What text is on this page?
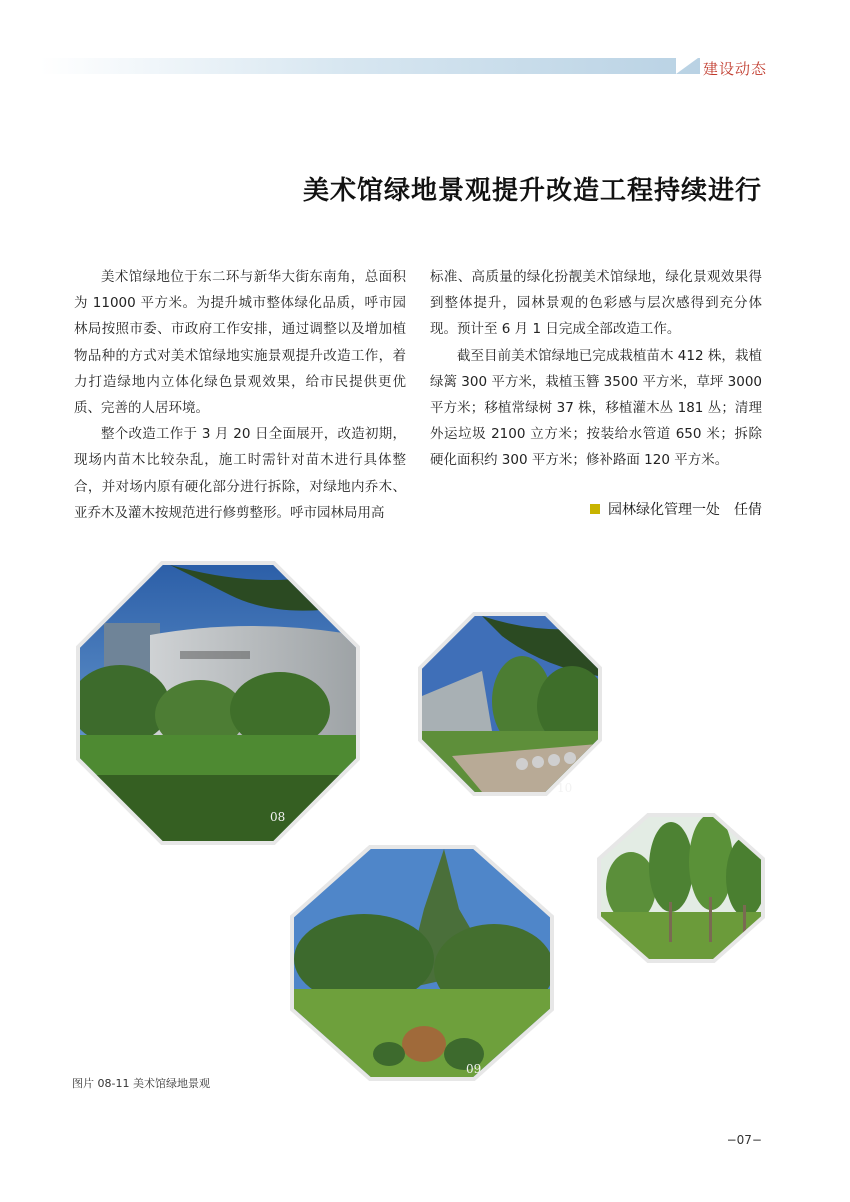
建设动态
美术馆绿地景观提升改造工程持续进行

美术馆绿地位于东二环与新华大街东南角，总面积为 11000 平方米。为提升城市整体绿化品质，呼市园林局按照市委、市政府工作安排，通过调整以及增加植物品种的方式对美术馆绿地实施景观提升改造工作，着力打造绿地内立体化绿色景观效果，给市民提供更优质、完善的人居环境。

整个改造工作于 3 月 20 日全面展开，改造初期，现场内苗木比较杂乱，施工时需针对苗木进行具体整合，并对场内原有硬化部分进行拆除，对绿地内乔木、亚乔木及灌木按规范进行修剪整形。呼市园林局用高

标准、高质量的绿化扮靓美术馆绿地，绿化景观效果得到整体提升，园林景观的色彩感与层次感得到充分体现。预计至 6 月 1 日完成全部改造工作。

截至目前美术馆绿地已完成栽植苗木 412 株，栽植绿篱 300 平方米，栽植玉簪 3500 平方米，草坪 3000 平方米；移植常绿树 37 株，移植灌木丛 181 丛；清理外运垃圾 2100 立方米；按装给水管道 650 米；拆除硬化面积约 300 平方米；修补路面 120 平方米。

园林绿化管理一处　任倩
08
10
09
图片 08-11 美术馆绿地景观
−07−
